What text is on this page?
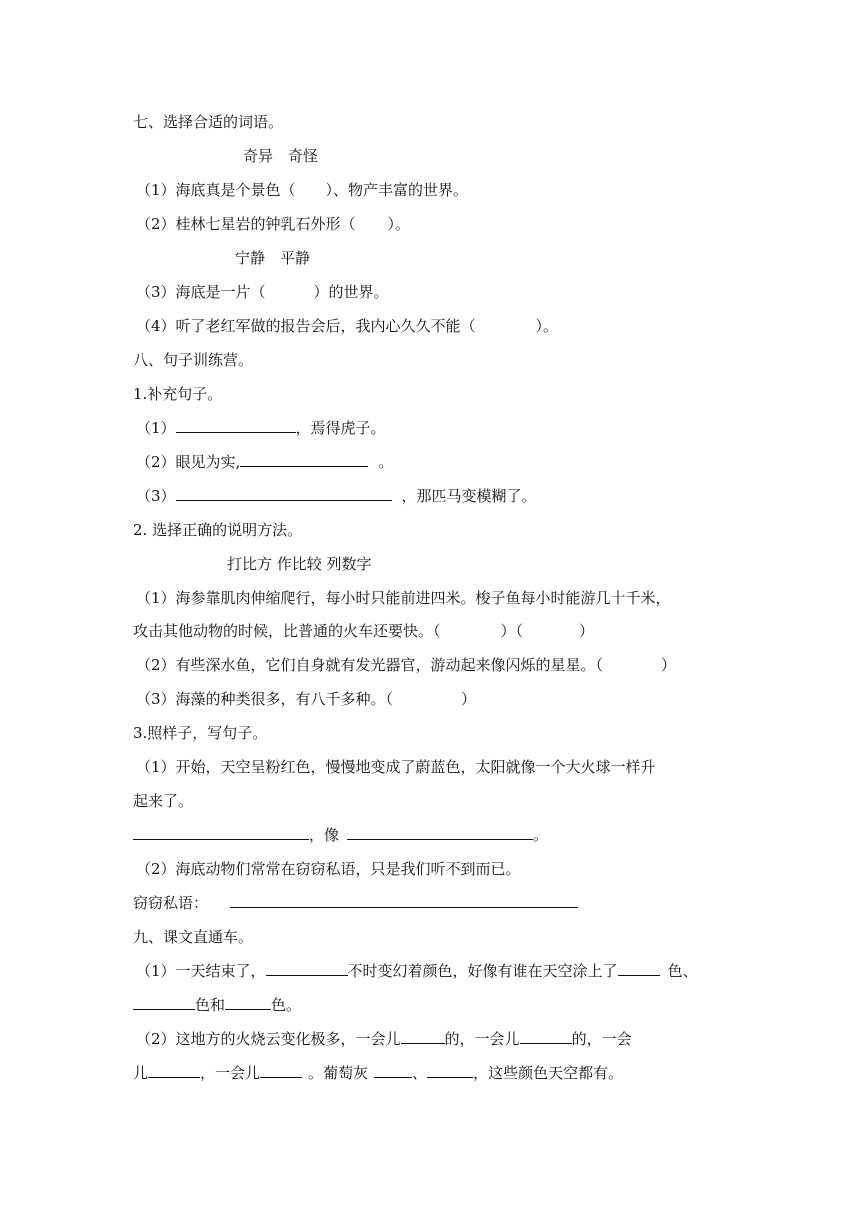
七、选择合适的词语。
奇异　奇怪
（1）海底真是个景色（ ）、物产丰富的世界。
（2）桂林七星岩的钟乳石外形（ ）。
宁静　平静
（3）海底是一片（	）的世界。
（4）听了老红军做的报告会后，我内心久久不能（	）。
八、句子训练营。
1.补充句子。
（1）	，焉得虎子。
（2）眼见为实,	。
（3）	，那匹马变模糊了。
2. 选择正确的说明方法。
打比方 作比较 列数字
（1）海参靠肌肉伸缩爬行，每小时只能前进四米。梭子鱼每小时能游几十千米，
攻击其他动物的时候，比普通的火车还要快。（	）（	）
（2）有些深水鱼，它们自身就有发光器官，游动起来像闪烁的星星。（	）
（3）海藻的种类很多，有八千多种。（	）
3.照样子，写句子。
（1）开始，天空呈粉红色，慢慢地变成了蔚蓝色，太阳就像一个大火球一样升
起来了。
，像	。
（2）海底动物们常常在窃窃私语，只是我们听不到而已。
窃窃私语：
九、课文直通车。
（1）一天结束了，	不时变幻着颜色，好像有谁在天空涂上了	色、
色和	色。
（2）这地方的火烧云变化极多，一会儿	的，一会儿	的，一会
儿	，一会儿	。葡萄灰	、	，这些颜色天空都有。
